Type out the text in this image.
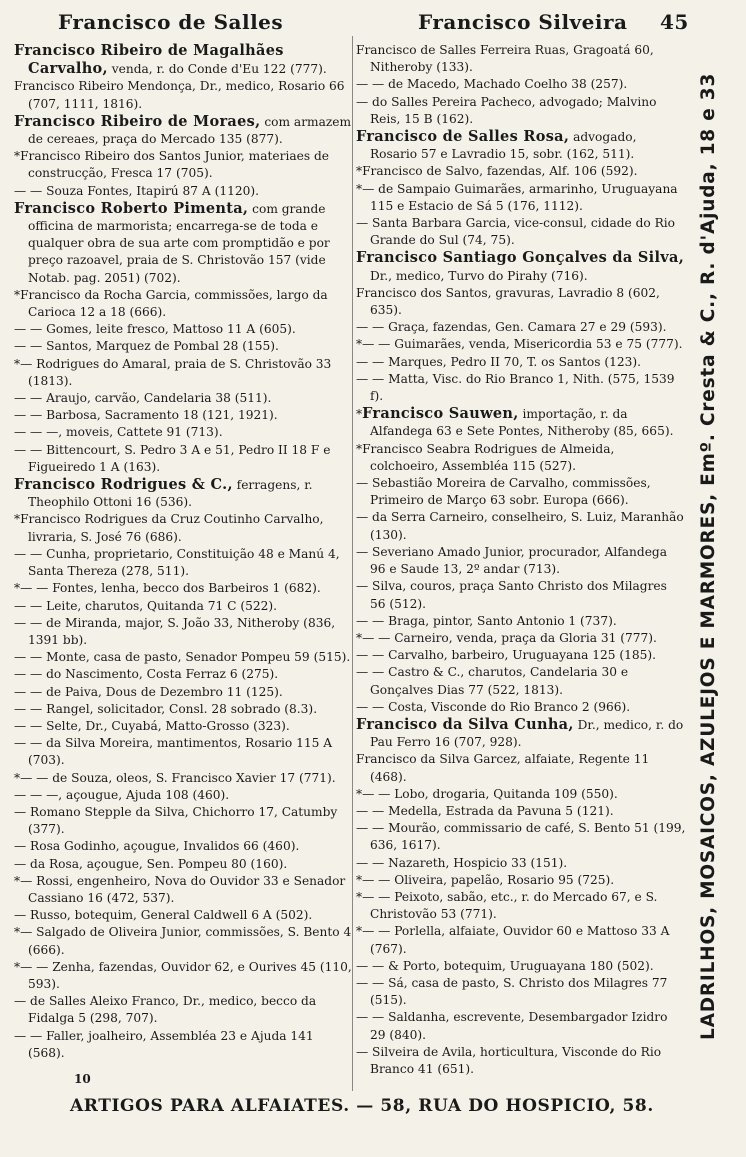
Francisco de Salles	Francisco Silveira 45

Francisco Ribeiro de Magalhães Carvalho, venda, r. do Conde d'Eu 122 (777).

Francisco Ribeiro Mendonça, Dr., medico, Rosario 66 (707, 1111, 1816).

Francisco Ribeiro de Moraes, com armazem de cereaes, praça do Mercado 135 (877).

*Francisco Ribeiro dos Santos Junior, materiaes de construcção, Fresca 17 (705).

— — Souza Fontes, Itapirú 87 A (1120).

Francisco Roberto Pimenta, com grande officina de marmorista; encarrega-se de toda e qualquer obra de sua arte com promptidão e por preço razoavel, praia de S. Christovão 157 (vide Notab. pag. 2051) (702).

*Francisco da Rocha Garcia, commissões, largo da Carioca 12 a 18 (666).

— — Gomes, leite fresco, Mattoso 11 A (605).

— — Santos, Marquez de Pombal 28 (155).

*— Rodrigues do Amaral, praia de S. Christovão 33 (1813).

— — Araujo, carvão, Candelaria 38 (511).

— — Barbosa, Sacramento 18 (121, 1921).

— — —, moveis, Cattete 91 (713).

— — Bittencourt, S. Pedro 3 A e 51, Pedro II 18 F e Figueiredo 1 A (163).

Francisco Rodrigues & C., ferragens, r. Theophilo Ottoni 16 (536).

*Francisco Rodrigues da Cruz Coutinho Carvalho, livraria, S. José 76 (686).

— — Cunha, proprietario, Constituição 48 e Manú 4, Santa Thereza (278, 511).

*— — Fontes, lenha, becco dos Barbeiros 1 (682).

— — Leite, charutos, Quitanda 71 C (522).

— — de Miranda, major, S. João 33, Nitheroby (836, 1391 bb).

— — Monte, casa de pasto, Senador Pompeu 59 (515).

— — do Nascimento, Costa Ferraz 6 (275).

— — de Paiva, Dous de Dezembro 11 (125).

— — Rangel, solicitador, Consl. 28 sobrado (8.3).

— — Selte, Dr., Cuyabá, Matto-Grosso (323).

— — da Silva Moreira, mantimentos, Rosario 115 A (703).

*— — de Souza, oleos, S. Francisco Xavier 17 (771).

— — —, açougue, Ajuda 108 (460).

— Romano Stepple da Silva, Chichorro 17, Catumby (377).

— Rosa Godinho, açougue, Invalidos 66 (460).

— da Rosa, açougue, Sen. Pompeu 80 (160).

*— Rossi, engenheiro, Nova do Ouvidor 33 e Senador Cassiano 16 (472, 537).

— Russo, botequim, General Caldwell 6 A (502).

*— Salgado de Oliveira Junior, commissões, S. Bento 4 (666).

*— — Zenha, fazendas, Ouvidor 62, e Ourives 45 (110, 593).

— de Salles Aleixo Franco, Dr., medico, becco da Fidalga 5 (298, 707).

— — Faller, joalheiro, Assembléa 23 e Ajuda 141 (568).

Francisco de Salles Ferreira Ruas, Gragoatá 60, Nitheroby (133).

— — de Macedo, Machado Coelho 38 (257).

— do Salles Pereira Pacheco, advogado; Malvino Reis, 15 B (162).

Francisco de Salles Rosa, advogado, Rosario 57 e Lavradio 15, sobr. (162, 511).

*Francisco de Salvo, fazendas, Alf. 106 (592).

*— de Sampaio Guimarães, armarinho, Uruguayana 115 e Estacio de Sá 5 (176, 1112).

— Santa Barbara Garcia, vice-consul, cidade do Rio Grande do Sul (74, 75).

Francisco Santiago Gonçalves da Silva, Dr., medico, Turvo do Pirahy (716).

Francisco dos Santos, gravuras, Lavradio 8 (602, 635).

— — Graça, fazendas, Gen. Camara 27 e 29 (593).

*— — Guimarães, venda, Misericordia 53 e 75 (777).

— — Marques, Pedro II 70, T. os Santos (123).

— — Matta, Visc. do Rio Branco 1, Nith. (575, 1539 f).

*Francisco Sauwen, importação, r. da Alfandega 63 e Sete Pontes, Nitheroby (85, 665).

*Francisco Seabra Rodrigues de Almeida, colchoeiro, Assembléa 115 (527).

— Sebastião Moreira de Carvalho, commissões, Primeiro de Março 63 sobr. Europa (666).

— da Serra Carneiro, conselheiro, S. Luiz, Maranhão (130).

— Severiano Amado Junior, procurador, Alfandega 96 e Saude 13, 2º andar (713).

— Silva, couros, praça Santo Christo dos Milagres 56 (512).

— — Braga, pintor, Santo Antonio 1 (737).

*— — Carneiro, venda, praça da Gloria 31 (777).

— — Carvalho, barbeiro, Uruguayana 125 (185).

— — Castro & C., charutos, Candelaria 30 e Gonçalves Dias 77 (522, 1813).

— — Costa, Visconde do Rio Branco 2 (966).

Francisco da Silva Cunha, Dr., medico, r. do Pau Ferro 16 (707, 928).

Francisco da Silva Garcez, alfaiate, Regente 11 (468).

*— — Lobo, drogaria, Quitanda 109 (550).

— — Medella, Estrada da Pavuna 5 (121).

— — Mourão, commissario de café, S. Bento 51 (199, 636, 1617).

— — Nazareth, Hospicio 33 (151).

*— — Oliveira, papelão, Rosario 95 (725).

*— — Peixoto, sabão, etc., r. do Mercado 67, e S. Christovão 53 (771).

*— — Porlella, alfaiate, Ouvidor 60 e Mattoso 33 A (767).

— — & Porto, botequim, Uruguayana 180 (502).

— — Sá, casa de pasto, S. Christo dos Milagres 77 (515).

— — Saldanha, escrevente, Desembargador Izidro 29 (840).

— Silveira de Avila, horticultura, Visconde do Rio Branco 41 (651).

LADRILHOS, MOSAICOS, AZULEJOS E MARMORES, Emº. Cresta & C., R. d'Ajuda, 18 e 33
10
ARTIGOS PARA ALFAIATES. — 58, RUA DO HOSPICIO, 58.
